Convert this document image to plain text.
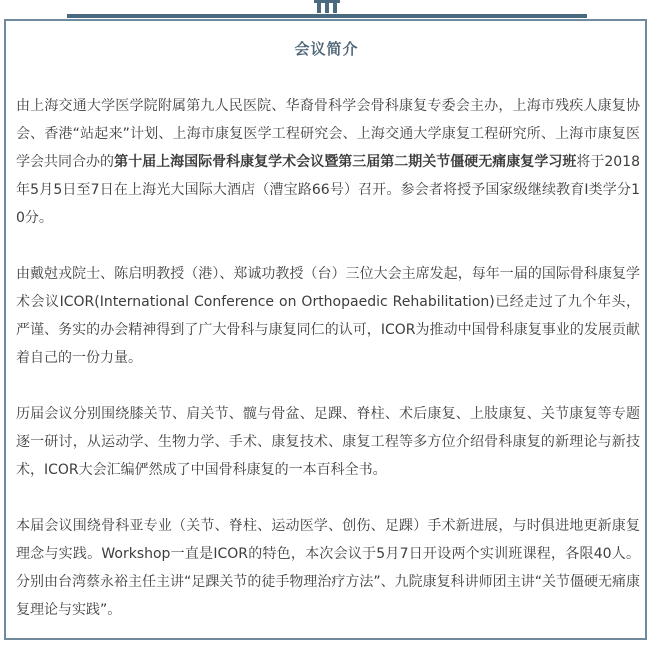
会议简介

由上海交通大学医学院附属第九人民医院、华裔骨科学会骨科康复专委会主办，上海市残疾人康复协会、香港“站起来”计划、上海市康复医学工程研究会、上海交通大学康复工程研究所、上海市康复医学会共同合办的第十届上海国际骨科康复学术会议暨第三届第二期关节僵硬无痛康复学习班将于2018年5月5日至7日在上海光大国际大酒店（漕宝路66号）召开。参会者将授予国家级继续教育Ⅰ类学分10分。

由戴尅戎院士、陈启明教授（港）、郑诚功教授（台）三位大会主席发起，每年一届的国际骨科康复学术会议ICOR(International Conference on Orthopaedic Rehabilitation)已经走过了九个年头，严谨、务实的办会精神得到了广大骨科与康复同仁的认可，ICOR为推动中国骨科康复事业的发展贡献着自己的一份力量。

历届会议分别围绕膝关节、肩关节、髋与骨盆、足踝、脊柱、术后康复、上肢康复、关节康复等专题逐一研讨，从运动学、生物力学、手术、康复技术、康复工程等多方位介绍骨科康复的新理论与新技术，ICOR大会汇编俨然成了中国骨科康复的一本百科全书。

本届会议围绕骨科亚专业（关节、脊柱、运动医学、创伤、足踝）手术新进展，与时俱进地更新康复理念与实践。Workshop一直是ICOR的特色，本次会议于5月7日开设两个实训班课程，各限40人。分别由台湾蔡永裕主任主讲“足踝关节的徒手物理治疗方法”、九院康复科讲师团主讲“关节僵硬无痛康复理论与实践”。
